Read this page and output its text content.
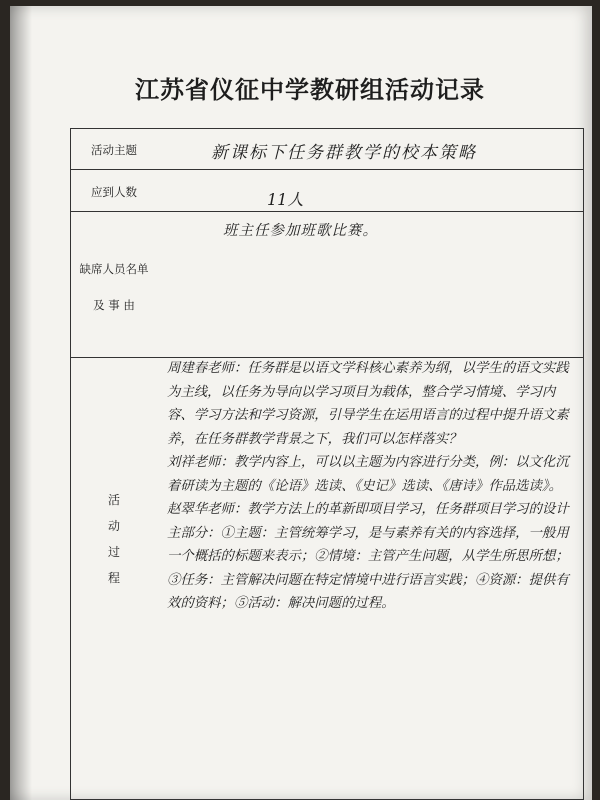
江苏省仪征中学教研组活动记录
活动主题	新课标下任务群教学的校本策略
应到人数	11人
缺席人员名单
及 事 由
班主任参加班歌比赛。
活
动
过
程

周建春老师：任务群是以语文学科核心素养为纲，以学生的语文实践为主线，以任务为导向以学习项目为载体，整合学习情境、学习内容、学习方法和学习资源，引导学生在运用语言的过程中提升语文素养，在任务群教学背景之下，我们可以怎样落实？

刘祥老师：教学内容上，可以以主题为内容进行分类，例：以文化沉着研读为主题的《论语》选读、《史记》选读、《唐诗》作品选读》。

赵翠华老师：教学方法上的革新即项目学习，任务群项目学习的设计主部分：①主题：主管统筹学习，是与素养有关的内容选择，一般用一个概括的标题来表示；②情境：主管产生问题，从学生所思所想；③任务：主管解决问题在特定情境中进行语言实践；④资源：提供有效的资料；⑤活动：解决问题的过程。
